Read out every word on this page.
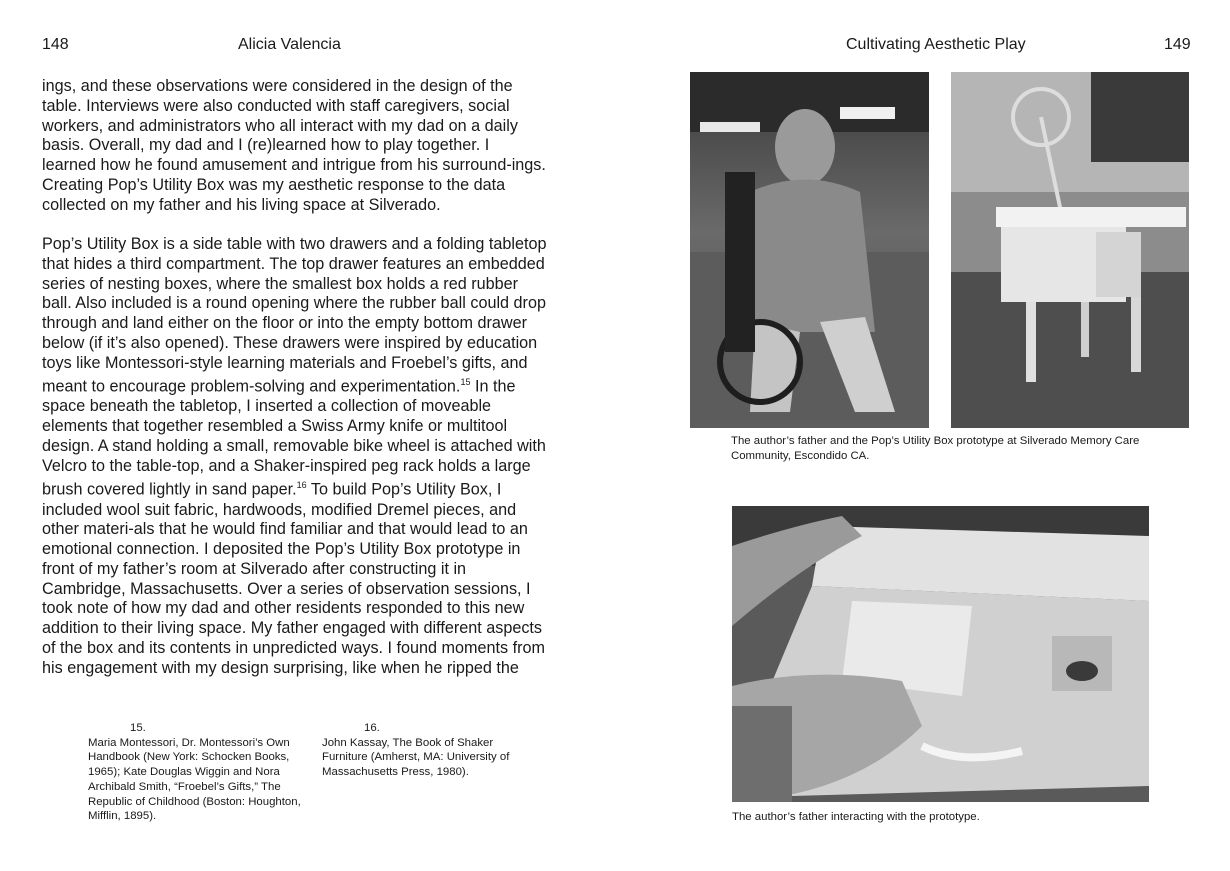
148	Alicia Valencia

ings, and these observations were considered in the design of the table. Interviews were also conducted with staff caregivers, social workers, and administrators who all interact with my dad on a daily basis. Overall, my dad and I (re)learned how to play together. I learned how he found amusement and intrigue from his surround-ings. Creating Pop’s Utility Box was my aesthetic response to the data collected on my father and his living space at Silverado.

Pop’s Utility Box is a side table with two drawers and a folding tabletop that hides a third compartment. The top drawer features an embedded series of nesting boxes, where the smallest box holds a red rubber ball. Also included is a round opening where the rubber ball could drop through and land either on the floor or into the empty bottom drawer below (if it’s also opened). These drawers were inspired by education toys like Montessori-style learning materials and Froebel’s gifts, and meant to encourage problem-solving and experimentation.$^{15}$ In the space beneath the tabletop, I inserted a collection of moveable elements that together resembled a Swiss Army knife or multitool design. A stand holding a small, removable bike wheel is attached with Velcro to the table-top, and a Shaker-inspired peg rack holds a large brush covered lightly in sand paper.$^{16}$ To build Pop’s Utility Box, I included wool suit fabric, hardwoods, modified Dremel pieces, and other materi-als that he would find familiar and that would lead to an emotional connection. I deposited the Pop’s Utility Box prototype in front of my father’s room at Silverado after constructing it in Cambridge, Massachusetts. Over a series of observation sessions, I took note of how my dad and other residents responded to this new addition to their living space. My father engaged with different aspects of the box and its contents in unpredicted ways. I found moments from his engagement with my design surprising, like when he ripped the

15.
Maria Montessori, Dr. Montessori’s Own Handbook (New York: Schocken Books, 1965); Kate Douglas Wiggin and Nora Archibald Smith, “Froebel’s Gifts,” The Republic of Childhood (Boston: Houghton, Mifflin, 1895).
16.
John Kassay, The Book of Shaker Furniture (Amherst, MA: University of Massachusetts Press, 1980).
Cultivating Aesthetic Play	149
The author’s father and the Pop’s Utility Box prototype at Silverado Memory Care Community, Escondido CA.
The author’s father interacting with the prototype.
